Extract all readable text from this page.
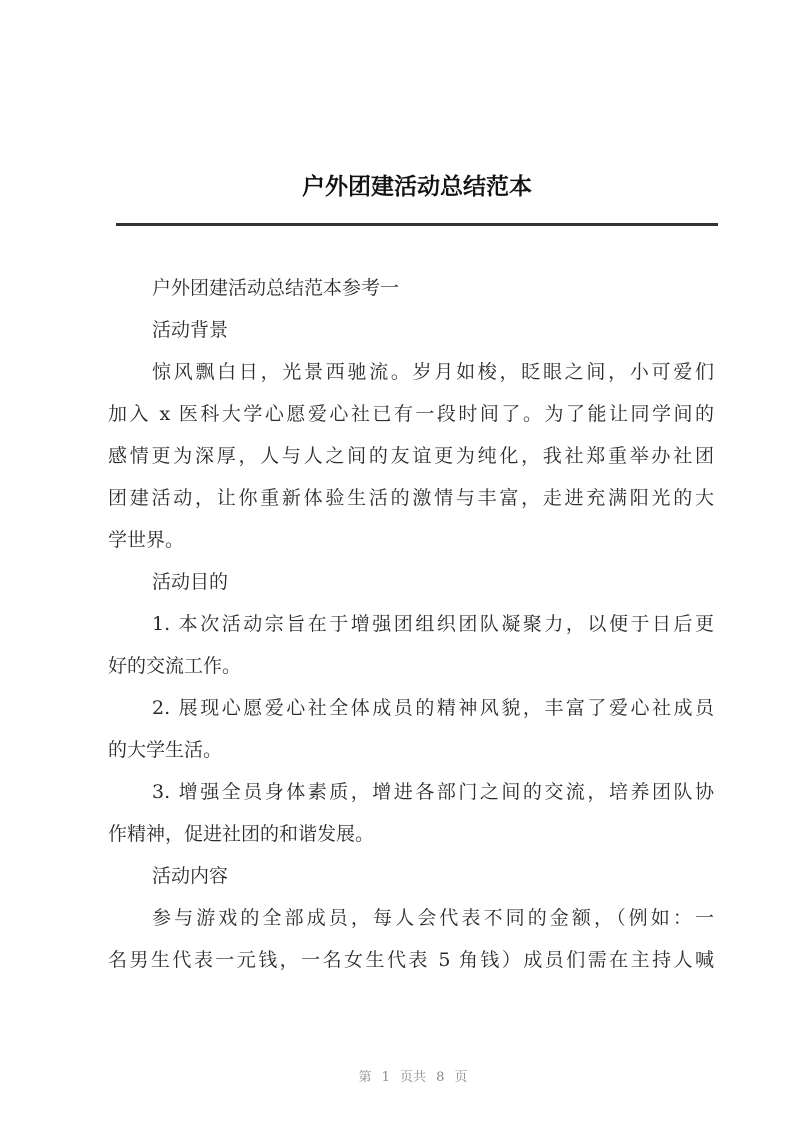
户外团建活动总结范本
户外团建活动总结范本参考一
活动背景
惊风飘白日，光景西驰流。岁月如梭，眨眼之间，小可爱们
加入 x 医科大学心愿爱心社已有一段时间了。为了能让同学间的
感情更为深厚，人与人之间的友谊更为纯化，我社郑重举办社团
团建活动，让你重新体验生活的激情与丰富，走进充满阳光的大
学世界。
活动目的
1. 本次活动宗旨在于增强团组织团队凝聚力，以便于日后更
好的交流工作。
2. 展现心愿爱心社全体成员的精神风貌，丰富了爱心社成员
的大学生活。
3. 增强全员身体素质，增进各部门之间的交流，培养团队协
作精神，促进社团的和谐发展。
活动内容
参与游戏的全部成员，每人会代表不同的金额，（例如：一
名男生代表一元钱，一名女生代表 5 角钱）成员们需在主持人喊
第 1 页共 8 页
